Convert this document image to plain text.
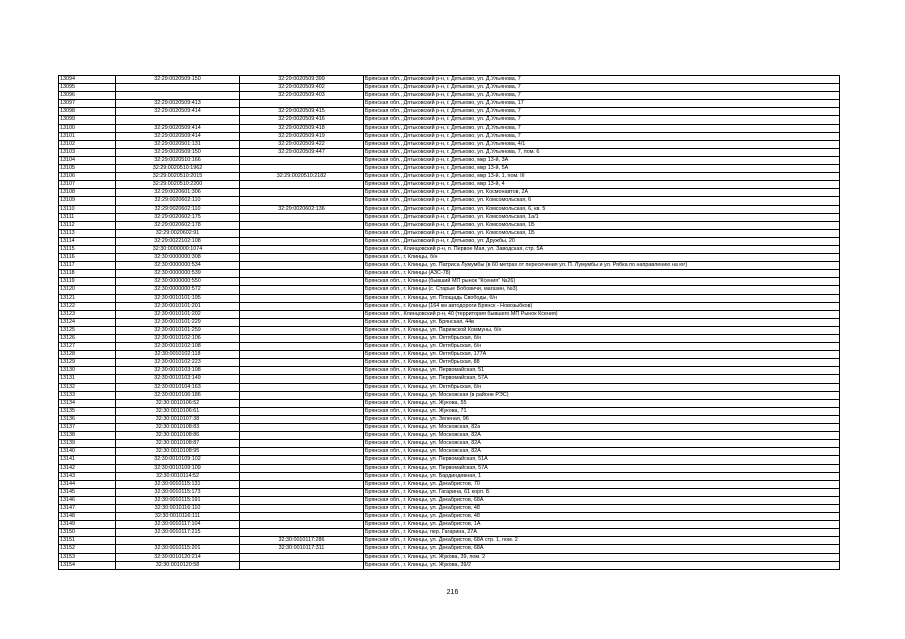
13094	32:29:0020509:150	32:29:0020509:399	Брянская обл., Дятьковский р-н, г. Дятьково, ул. Д.Ульянова, 7
13095		32:29:0020509:402	Брянская обл., Дятьковский р-н, г. Дятьково, ул. Д.Ульянова, 7
13096		32:29:0020509:403	Брянская обл., Дятьковский р-н, г. Дятьково, ул. Д.Ульянова, 7
13097	32:29:0020509:413		Брянская обл., Дятьковский р-н, г. Дятьково, ул. Д.Ульянова, 17
13098	32:29:0020509:414	32:29:0020509:415	Брянская обл., Дятьковский р-н, г. Дятьково, ул. Д.Ульянова, 7
13099		32:29:0020509:416	Брянская обл., Дятьковский р-н, г. Дятьково, ул. Д.Ульянова, 7
13100	32:29:0020509:414	32:29:0020509:418	Брянская обл., Дятьковский р-н, г. Дятьково, ул. Д.Ульянова, 7
13101	32:29:0020509:414	32:29:0020509:419	Брянская обл., Дятьковский р-н, г. Дятьково, ул. Д.Ульянова, 7
13102	32:29:0020501:131	32:29:0020509:422	Брянская обл., Дятьковский р-н, г. Дятьково, ул. Д.Ульянова, 4/1
13103	32:29:0020509:150	32:29:0020509:447	Брянская обл., Дятьковский р-н, г. Дятьково, ул. Д.Ульянова, 7, пом. 6
13104	32:29:0020510:166		Брянская обл., Дятьковский р-н, г. Дятьково, мкр 13-й, 3А
13105	32:29:0020510:1962		Брянская обл., Дятьковский р-н, г. Дятьково, мкр 13-й, 5А
13106	32:29:0020510:2015	32:29:0020510:2182	Брянская обл., Дятьковский р-н, г. Дятьково, мкр 13-й, 1, пом. III
13107	32:29:0020510:2200		Брянская обл., Дятьковский р-н, г. Дятьково, мкр 13-й, 4
13108	32:29:0020601:306		Брянская обл., Дятьковский р-н, г. Дятьково, ул. Космонавтов, 2А
13109	32:29:0020602:110		Брянская обл., Дятьковский р-н, г. Дятьково, ул. Комсомольская, 6
13110	32:29:0020602:110	32:29:0020602:136	Брянская обл., Дятьковский р-н, г. Дятьково, ул. Комсомольская, 6, кв. 5
13111	32:29:0020602:175		Брянская обл., Дятьковский р-н, г. Дятьково, ул. Комсомольская, 1а/1
13112	32:29:0020602:178		Брянская обл., Дятьковский р-н, г. Дятьково, ул. Комсомольская, 1Б
13113	32:29:0020602:91		Брянская обл., Дятьковский р-н, г. Дятьково, ул. Комсомольская, 1Б
13114	32:29:0022102:108		Брянская обл., Дятьковский р-н, г. Дятьково, ул. Дружбы, 20
13115	32:30:0000000:1074		Брянская обл., Клинцовский р-н, п. Первое Мая, ул. Заводская, стр. 5А
13116	32:30:0000000:308		Брянская обл., г. Клинцы, б/н
13117	32:30:0000000:534		Брянская обл., г. Клинцы, ул. Патриса Лумумбы (в 60 метрах от пересечения ул. П. Лумумбы и ул. Рябка по направлению на юг)
13118	32:30:0000000:539		Брянская обл., г. Клинцы (АЗС-78)
13119	32:30:0000000:550		Брянская обл., г. Клинцы (бывший МП рынок "Ксения" №26)
13120	32:30:0000000:572		Брянская обл., г. Клинцы (с. Старые Бобовичи, магазин, №3)
13121	32:30:0010101:195		Брянская обл., г. Клинцы, ул. Площадь Свободы, б/н
13122	32:30:0010101:201		Брянская обл., г. Клинцы (164 км автодороги Брянск - Новозыбков)
13123	32:30:0010101:202		Брянская обл., Клинцовский р-н, 40 (территория бывшего МП Рынок Ксения)
13124	32:30:0010101:229		Брянская обл., г. Клинцы, ул. Брянская, 44в
13125	32:30:0010101:259		Брянская обл., г. Клинцы, ул. Парижской Коммуны, б/н
13126	32:30:0010102:106		Брянская обл., г. Клинцы, ул. Октябрьская, б/н
13127	32:30:0010102:108		Брянская обл., г. Клинцы, ул. Октябрьская, б/н
13128	32:30:0010102:118		Брянская обл., г. Клинцы, ул. Октябрьская, 177А
13129	32:30:0010102:223		Брянская обл., г. Клинцы, ул. Октябрьская, 88
13130	32:30:0010103:108		Брянская обл., г. Клинцы, ул. Первомайская, 51
13131	32:30:0010103:149		Брянская обл., г. Клинцы, ул. Первомайская, 57А
13132	32:30:0010104:163		Брянская обл., г. Клинцы, ул. Октябрьская, б/н
13133	32:30:0010106:186		Брянская обл., г. Клинцы, ул. Московская (в районе РЭС)
13134	32:30:0010106:52		Брянская обл., г. Клинцы, ул. Жукова, 55
13135	32:30:0010106:61		Брянская обл., г. Клинцы, ул. Жукова, 71
13136	32:30:0010107:38		Брянская обл., г. Клинцы, ул. Зеленая, 96
13137	32:30:0010108:83		Брянская обл., г. Клинцы, ул. Московская, 82а
13138	32:30:0010108:86		Брянская обл., г. Клинцы, ул. Московская, 82А
13139	32:30:0010108:87		Брянская обл., г. Клинцы, ул. Московская, 82А
13140	32:30:0010108:95		Брянская обл., г. Клинцы, ул. Московская, 82А
13141	32:30:0010109:102		Брянская обл., г. Клинцы, ул. Первомайская, 51А
13142	32:30:0010109:109		Брянская обл., г. Клинцы, ул. Первомайская, 57А
13143	32:30:0010114:52		Брянская обл., г. Клинцы, ул. Бардиндевная, 1
13144	32:30:0010115:131		Брянская обл., г. Клинцы, ул. Декабристов, 70
13145	32:30:0010115:173		Брянская обл., г. Клинцы, ул. Гагарина, 61 корп. Б
13146	32:30:0010115:191		Брянская обл., г. Клинцы, ул. Декабристов, 68А
13147	32:30:0010116:110		Брянская обл., г. Клинцы, ул. Декабристов, 48
13148	32:30:0010116:111		Брянская обл., г. Клинцы, ул. Декабристов, 48
13149	32:30:0010117:104		Брянская обл., г. Клинцы, ул. Декабристов, 1А
13150	32:30:0010117:215		Брянская обл., г. Клинцы, пер. Гагарина, 27А
13151		32:30:0010117:286	Брянская обл., г. Клинцы, ул. Декабристов, 68А стр. 1, пом. 2
13152	32:30:0010115:201	32:30:0010117:311	Брянская обл., г. Клинцы, ул. Декабристов, 68А
13153	32:30:0010120:214		Брянская обл., г. Клинцы, ул. Жукова, 39, пом. 2
13154	32:30:0010120:58		Брянская обл., г. Клинцы, ул. Жукова, 39/2
216
